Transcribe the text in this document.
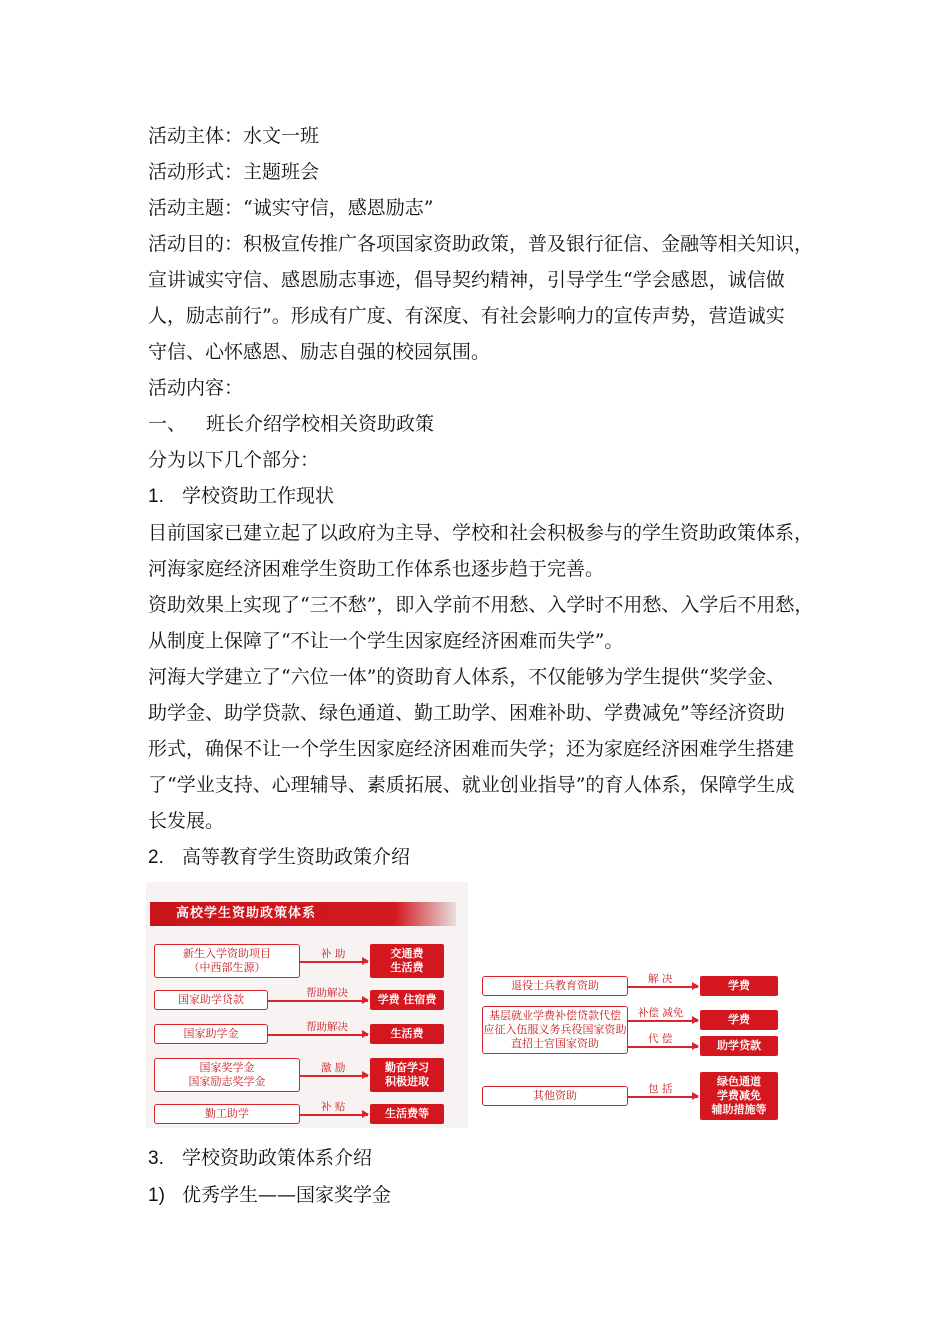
活动主体：水文一班

活动形式：主题班会

活动主题：“诚实守信，感恩励志”

活动目的：积极宣传推广各项国家资助政策，普及银行征信、金融等相关知识，

宣讲诚实守信、感恩励志事迹，倡导契约精神，引导学生“学会感恩，诚信做

人，励志前行”。形成有广度、有深度、有社会影响力的宣传声势，营造诚实

守信、心怀感恩、励志自强的校园氛围。

活动内容：

一、 班长介绍学校相关资助政策

分为以下几个部分：

1. 学校资助工作现状

目前国家已建立起了以政府为主导、学校和社会积极参与的学生资助政策体系，

河海家庭经济困难学生资助工作体系也逐步趋于完善。

资助效果上实现了“三不愁”，即入学前不用愁、入学时不用愁、入学后不用愁，

从制度上保障了“不让一个学生因家庭经济困难而失学”。

河海大学建立了“六位一体”的资助育人体系，不仅能够为学生提供“奖学金、

助学金、助学贷款、绿色通道、勤工助学、困难补助、学费减免”等经济资助

形式，确保不让一个学生因家庭经济困难而失学；还为家庭经济困难学生搭建

了“学业支持、心理辅导、素质拓展、就业创业指导”的育人体系，保障学生成

长发展。

2. 高等教育学生资助政策介绍

高校学生资助政策体系
新生入学资助项目
（中西部生源）
补 助	交通费
生活费
国家助学贷款	帮助解决	学费 住宿费
国家助学金	帮助解决	生活费
国家奖学金
国家励志奖学金
激 励	勤奋学习
积极进取
勤工助学	补 贴	生活费等
退役士兵教育资助	解 决	学费
基层就业学费补偿贷款代偿
应征入伍服义务兵役国家资助
直招士官国家资助
补偿 减免	学费
代 偿	助学贷款
其他资助	包 括
绿色通道
学费减免
辅助措施等

3. 学校资助政策体系介绍

1) 优秀学生——国家奖学金
